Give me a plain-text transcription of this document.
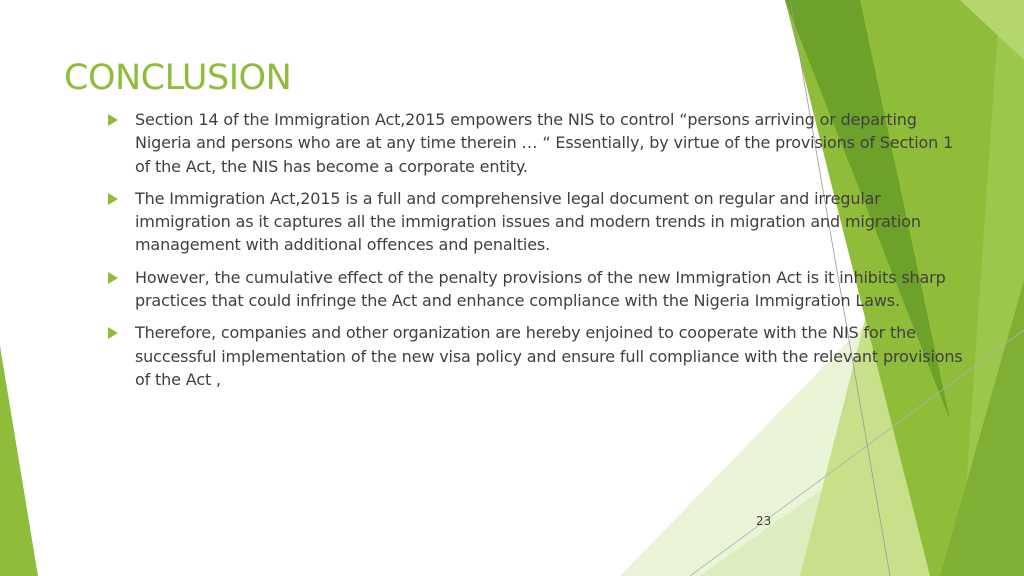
CONCLUSION
Section 14 of the Immigration Act,2015 empowers the NIS to control “persons arriving or departing Nigeria and persons who are at any time therein … “ Essentially, by virtue of the provisions of Section 1 of the Act, the NIS has become a corporate entity.
The Immigration Act,2015 is a full and comprehensive legal document on regular and irregular immigration as it captures all the immigration issues and modern trends in migration and migration management with additional offences and penalties.
However, the cumulative effect of the penalty provisions of the new Immigration Act is it inhibits sharp practices that could infringe the Act and enhance compliance with the Nigeria Immigration Laws.
Therefore, companies and other organization are hereby enjoined to cooperate with the NIS for the successful implementation of the new visa policy and ensure full compliance with the relevant provisions of the Act ,
23
